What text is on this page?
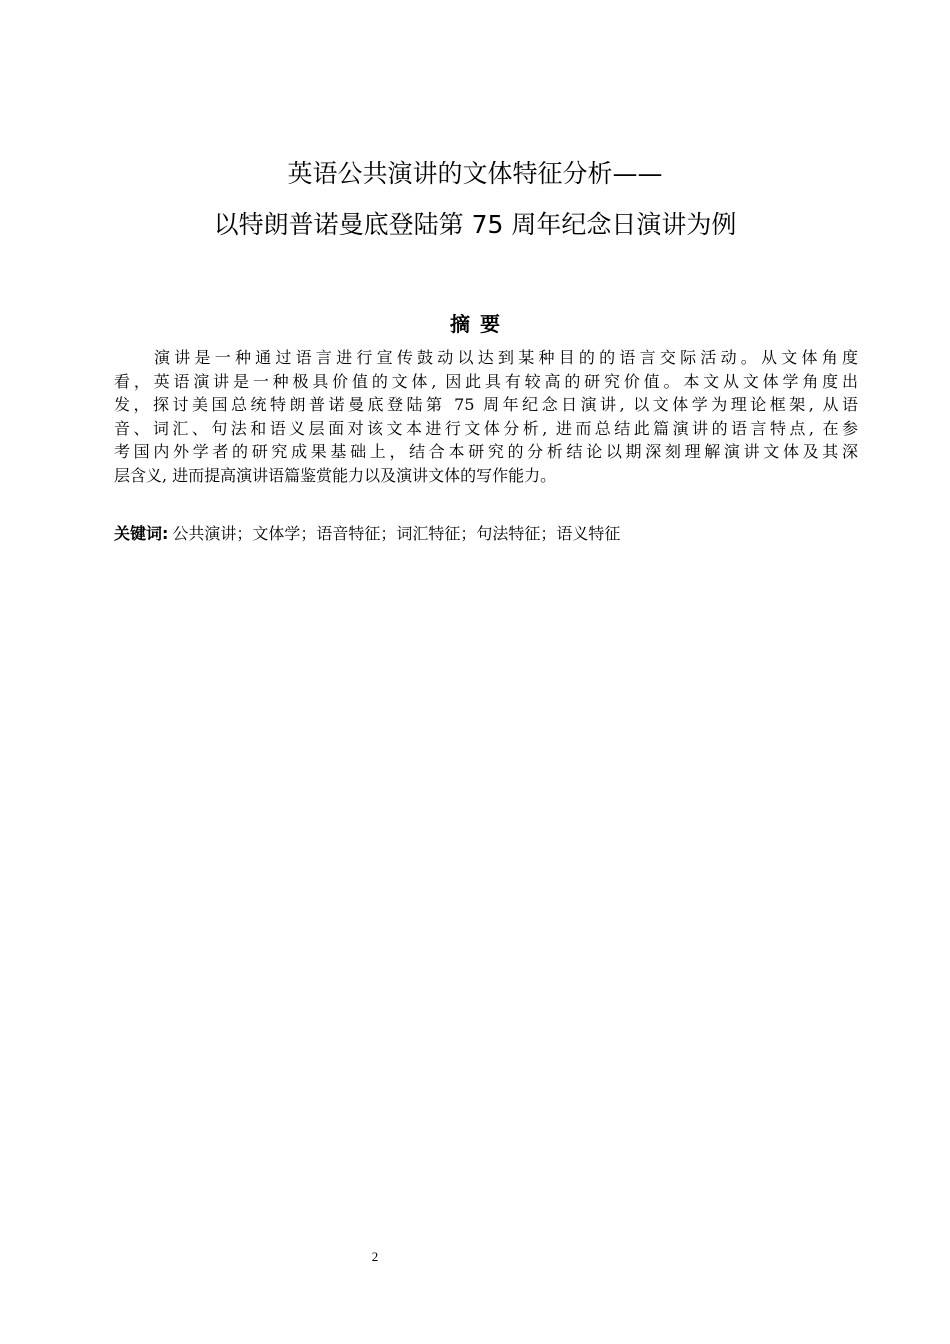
英语公共演讲的文体特征分析——
以特朗普诺曼底登陆第 75 周年纪念日演讲为例
摘要
演讲是一种通过语言进行宣传鼓动以达到某种目的的语言交际活动。从文体角度
看，英语演讲是一种极具价值的文体, 因此具有较高的研究价值。本文从文体学角度出
发，探讨美国总统特朗普诺曼底登陆第 75 周年纪念日演讲, 以文体学为理论框架, 从语
音、词汇、句法和语义层面对该文本进行文体分析, 进而总结此篇演讲的语言特点, 在参
考国内外学者的研究成果基础上，结合本研究的分析结论以期深刻理解演讲文体及其深
层含义, 进而提高演讲语篇鉴赏能力以及演讲文体的写作能力。
关键词: 公共演讲；文体学；语音特征；词汇特征；句法特征；语义特征
2
